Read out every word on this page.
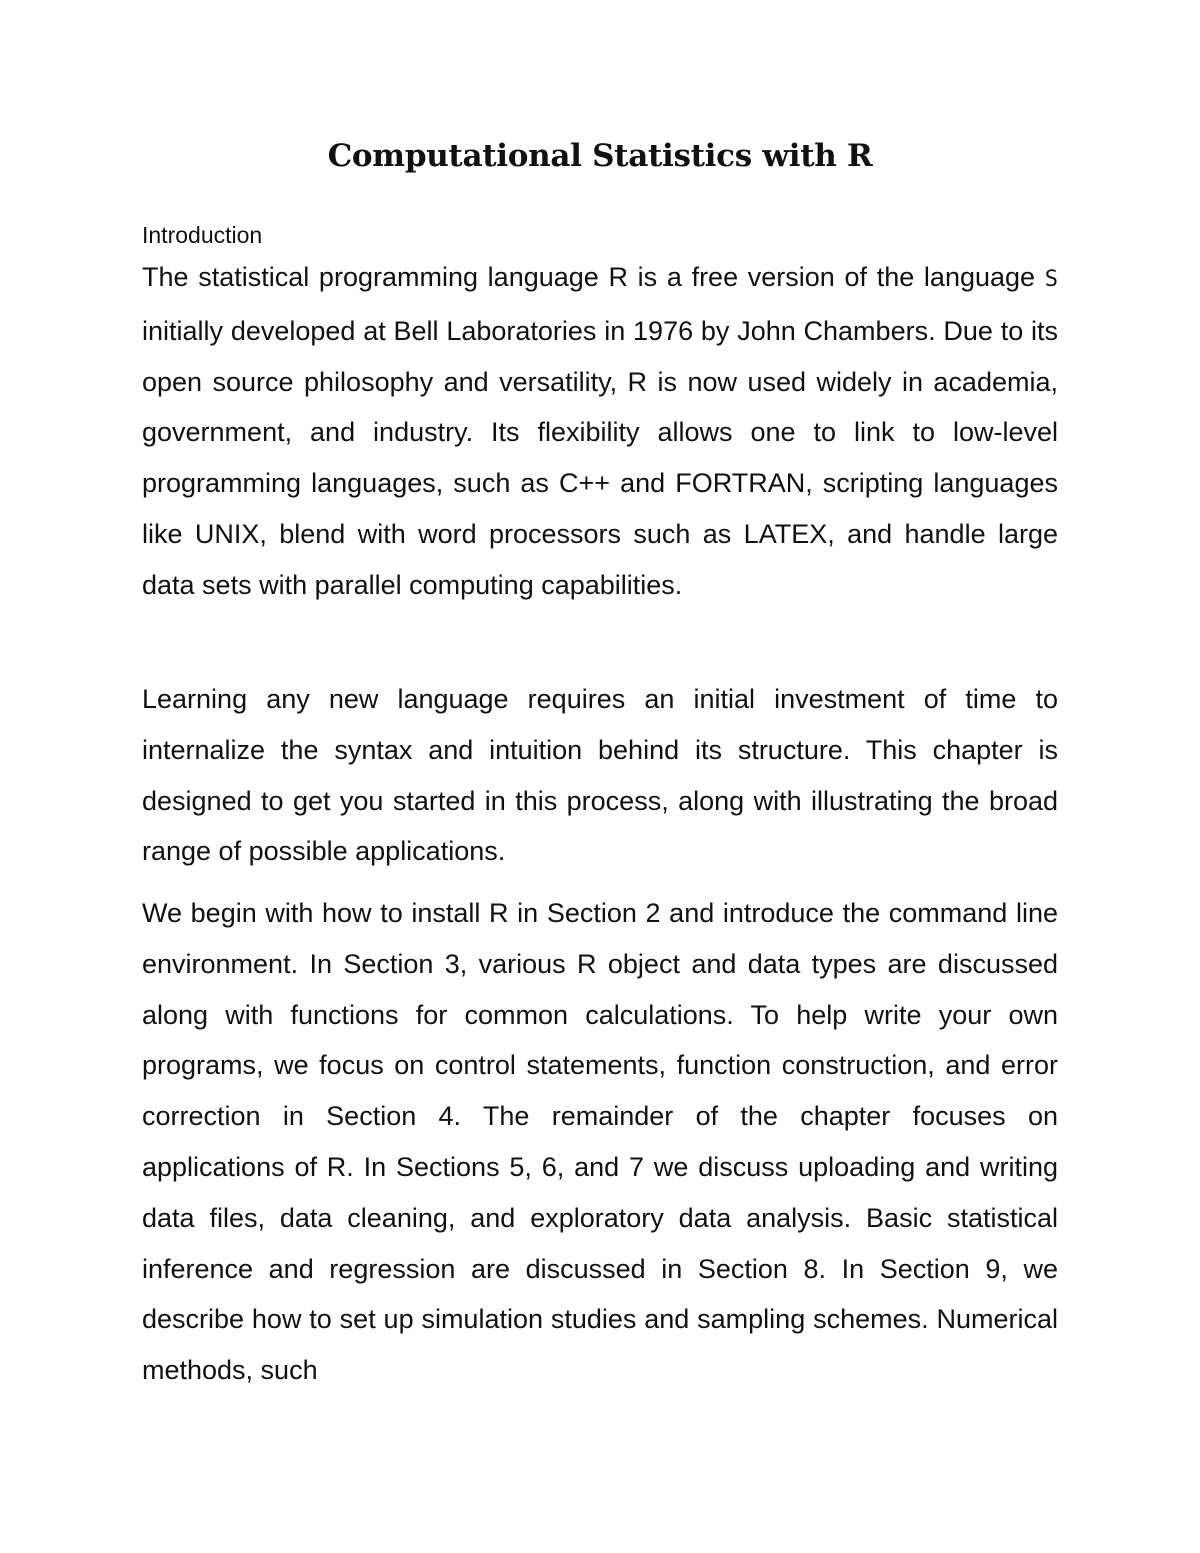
Computational Statistics with R
Introduction

The statistical programming language R is a free version of the language S initially developed at Bell Laboratories in 1976 by John Chambers. Due to its open source philosophy and versatility, R is now used widely in academia, government, and industry. Its flexibility allows one to link to low-level programming languages, such as C++ and FORTRAN, scripting languages like UNIX, blend with word processors such as LATEX, and handle large data sets with parallel computing capabilities.

Learning any new language requires an initial investment of time to internalize the syntax and intuition behind its structure. This chapter is designed to get you started in this process, along with illustrating the broad range of possible applications.

We begin with how to install R in Section 2 and introduce the command line environment. In Section 3, various R object and data types are discussed along with functions for common calculations. To help write your own programs, we focus on control statements, function construction, and error correction in Section 4. The remainder of the chapter focuses on applications of R. In Sections 5, 6, and 7 we discuss uploading and writing data files, data cleaning, and exploratory data analysis. Basic statistical inference and regression are discussed in Section 8. In Section 9, we describe how to set up simulation studies and sampling schemes. Numerical methods, such
